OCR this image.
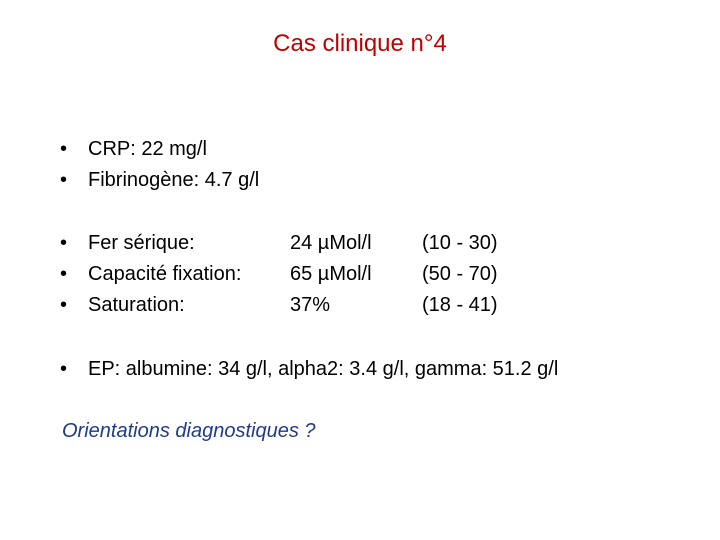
Cas clinique n°4
•	CRP: 22 mg/l
•	Fibrinogène: 4.7 g/l
•	Fer sérique:	24 µMol/l	(10 - 30)
•	Capacité fixation:	65 µMol/l	(50 - 70)
•	Saturation:	37%	(18 - 41)
•	EP: albumine: 34 g/l, alpha2: 3.4 g/l, gamma: 51.2 g/l
Orientations diagnostiques ?
